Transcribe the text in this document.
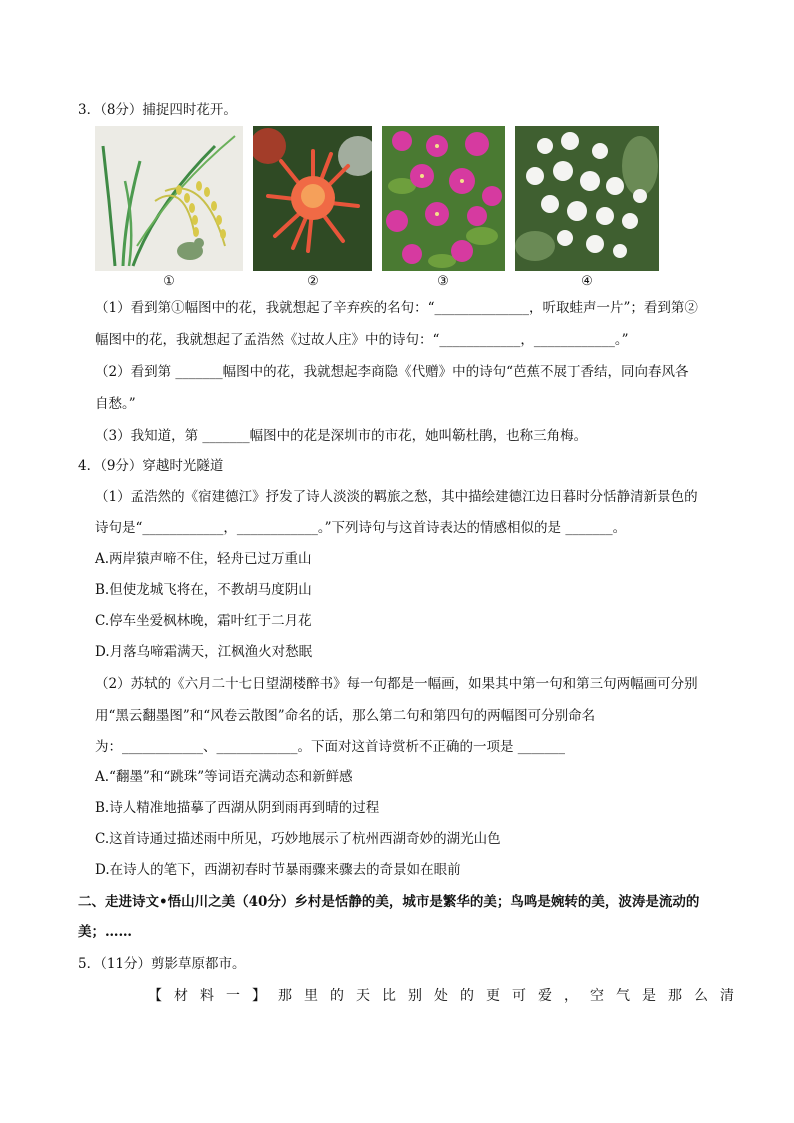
3．（8分）捕捉四时花开。
①	②	③	④
（1）看到第①幅图中的花，我就想起了辛弃疾的名句：“______________，听取蛙声一片”；看到第②
幅图中的花，我就想起了孟浩然《过故人庄》中的诗句：“____________，____________。”
（2）看到第 _______幅图中的花，我就想起李商隐《代赠》中的诗句“芭蕉不展丁香结，同向春风各
自愁。”
（3）我知道，第 _______幅图中的花是深圳市的市花，她叫簕杜鹃，也称三角梅。
4．（9分）穿越时光隧道
（1）孟浩然的《宿建德江》抒发了诗人淡淡的羁旅之愁，其中描绘建德江边日暮时分恬静清新景色的
诗句是“____________，____________。”下列诗句与这首诗表达的情感相似的是 _______。
A.两岸猿声啼不住，轻舟已过万重山
B.但使龙城飞将在，不教胡马度阴山
C.停车坐爱枫林晚，霜叶红于二月花
D.月落乌啼霜满天，江枫渔火对愁眠
（2）苏轼的《六月二十七日望湖楼醉书》每一句都是一幅画，如果其中第一句和第三句两幅画可分别
用“黑云翻墨图”和“风卷云散图”命名的话，那么第二句和第四句的两幅图可分别命名
为：____________、____________。下面对这首诗赏析不正确的一项是 _______
A.“翻墨”和“跳珠”等词语充满动态和新鲜感
B.诗人精准地描摹了西湖从阴到雨再到晴的过程
C.这首诗通过描述雨中所见，巧妙地展示了杭州西湖奇妙的湖光山色
D.在诗人的笔下，西湖初春时节暴雨骤来骤去的奇景如在眼前
二、走进诗文•悟山川之美（40分）乡村是恬静的美，城市是繁华的美；鸟鸣是婉转的美，波涛是流动的
美；……
5．（11分）剪影草原都市。
【材料一】那里的天比别处的更可爱，空气是那么清
